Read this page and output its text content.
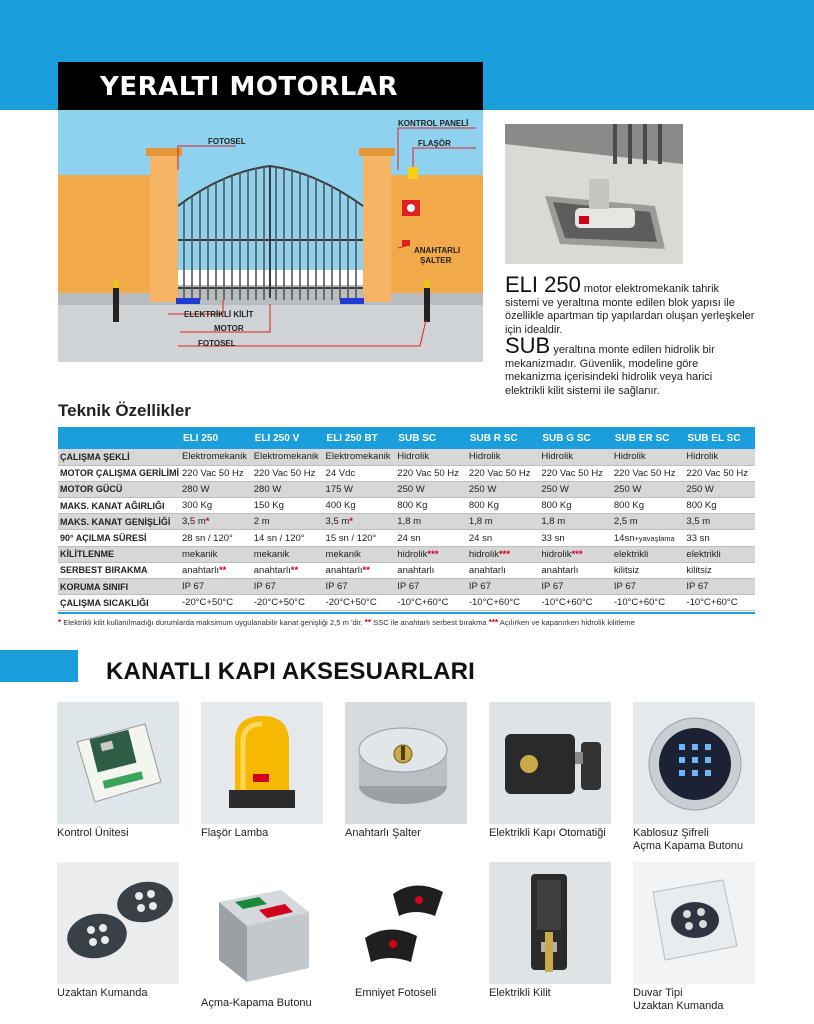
YERALTI MOTORLAR
KONTROL PANELİ
FOTOSEL	FLAŞÖR
ANAHTARLI
ŞALTER
ELEKTRİKLİ KİLİT
MOTOR
FOTOSEL

ELI 250 motor elektromekanik tahrik sistemi ve yeraltına monte edilen blok yapısı ile özellikle apartman tip yapılardan oluşan yerleşkeler için idealdir.

SUB yeraltına monte edilen hidrolik bir mekanizmadır. Güvenlik, modeline göre mekanizma içerisindeki hidrolik veya harici elektrikli kilit sistemi ile sağlanır.

Teknik Özellikler
	ELI 250	ELI 250 V	ELI 250 BT	SUB SC	SUB R SC	SUB G SC	SUB ER SC	SUB EL SC
ÇALIŞMA ŞEKLİ	Elektromekanik	Elektromekanik	Elektromekanik	Hidrolik	Hidrolik	Hidrolik	Hidrolik	Hidrolik
MOTOR ÇALIŞMA GERİLİMİ	220 Vac 50 Hz	220 Vac 50 Hz	24 Vdc	220 Vac 50 Hz	220 Vac 50 Hz	220 Vac 50 Hz	220 Vac 50 Hz	220 Vac 50 Hz
MOTOR GÜCÜ	280 W	280 W	175 W	250 W	250 W	250 W	250 W	250 W
MAKS. KANAT AĞIRLIĞI	300 Kg	150 Kg	400 Kg	800 Kg	800 Kg	800 Kg	800 Kg	800 Kg
MAKS. KANAT GENİŞLİĞİ	3,5 m*	2 m	3,5 m*	1,8 m	1,8 m	1,8 m	2,5 m	3,5 m
90° AÇILMA SÜRESİ	28 sn / 120°	14 sn / 120°	15 sn / 120°	24 sn	24 sn	33 sn	14sn+yavaşlama	33 sn
KİLİTLENME	mekanik	mekanik	mekanik	hidrolik***	hidrolik***	hidrolik***	elektrikli	elektrikli
SERBEST BIRAKMA	anahtarlı**	anahtarlı**	anahtarlı**	anahtarlı	anahtarlı	anahtarlı	kilitsiz	kilitsiz
KORUMA SINIFI	IP 67	IP 67	IP 67	IP 67	IP 67	IP 67	IP 67	IP 67
ÇALIŞMA SICAKLIĞI	-20°C+50°C	-20°C+50°C	-20°C+50°C	-10°C+60°C	-10°C+60°C	-10°C+60°C	-10°C+60°C	-10°C+60°C
* Elektrikli kilit kullanılmadığı durumlarda maksimum uygulanabilir kanat genişliği 2,5 m 'dir. ** SSC ile anahtarlı serbest bırakma *** Açılırken ve kapanırken hidrolik kilitleme
KANATLI KAPI AKSESUARLARI
Kontrol Ünitesi	Flaşör Lamba	Anahtarlı Şalter	Elektrikli Kapı Otomatiği	Kablosuz Şifreli
Açma Kapama Butonu
Uzaktan Kumanda
Açma-Kapama Butonu
Emniyet Fotoseli	Elektrikli Kilit	Duvar Tipi
Uzaktan Kumanda
